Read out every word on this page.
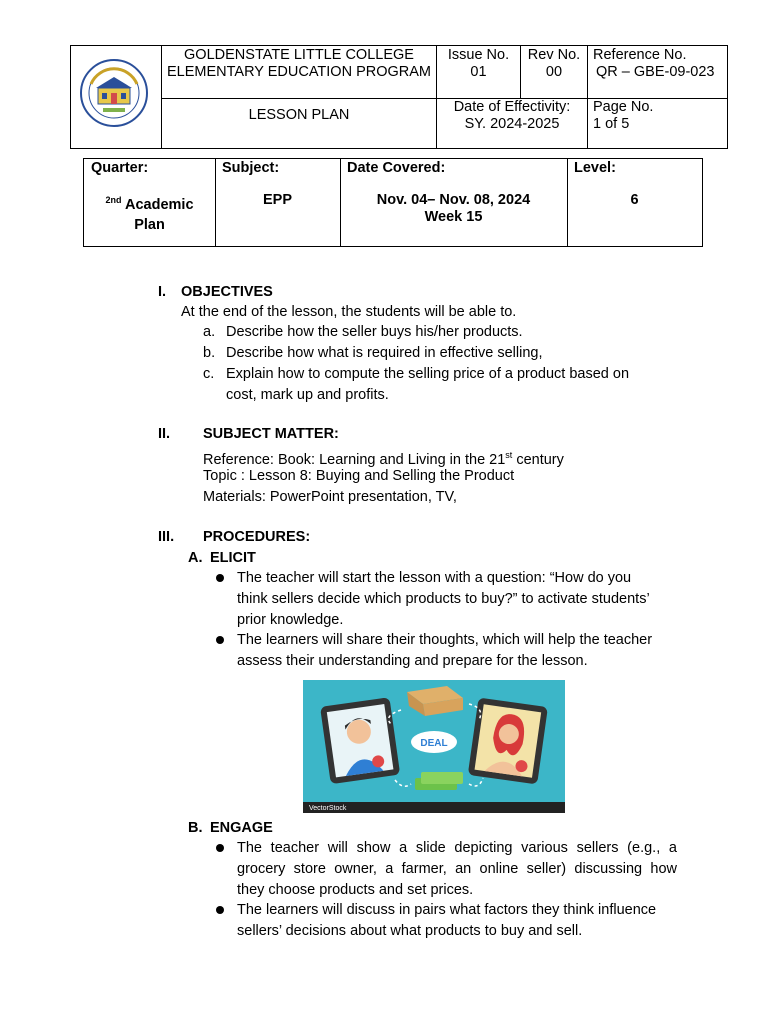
GOLDENSTATE LITTLE COLLEGE
ELEMENTARY EDUCATION PROGRAM
LESSON PLAN
Issue No.
01
Rev No.
00
Reference No.
QR – GBE-09-023
Date of Effectivity:
SY. 2024-2025
Page No.
1 of 5
Quarter:
$^{2nd}$ Academic
Plan
Subject:
EPP
Date Covered:
Nov. 04– Nov. 08, 2024
Week 15
Level:
6
I. OBJECTIVES
At the end of the lesson, the students will be able to.
a. Describe how the seller buys his/her products.
b. Describe how what is required in effective selling,
c. Explain how to compute the selling price of a product based on
cost, mark up and profits.
II. SUBJECT MATTER:
Reference: Book: Learning and Living in the 21st century
Topic : Lesson 8: Buying and Selling the Product
Materials: PowerPoint presentation, TV,
III. PROCEDURES:
A. ELICIT
The teacher will start the lesson with a question: “How do you
think sellers decide which products to buy?” to activate students’
prior knowledge.
The learners will share their thoughts, which will help the teacher
assess their understanding and prepare for the lesson.
DEAL
VectorStock
B. ENGAGE
The teacher will show a slide depicting various sellers (e.g., a
grocery store owner, a farmer, an online seller) discussing how
they choose products and set prices.
The learners will discuss in pairs what factors they think influence
sellers’ decisions about what products to buy and sell.
